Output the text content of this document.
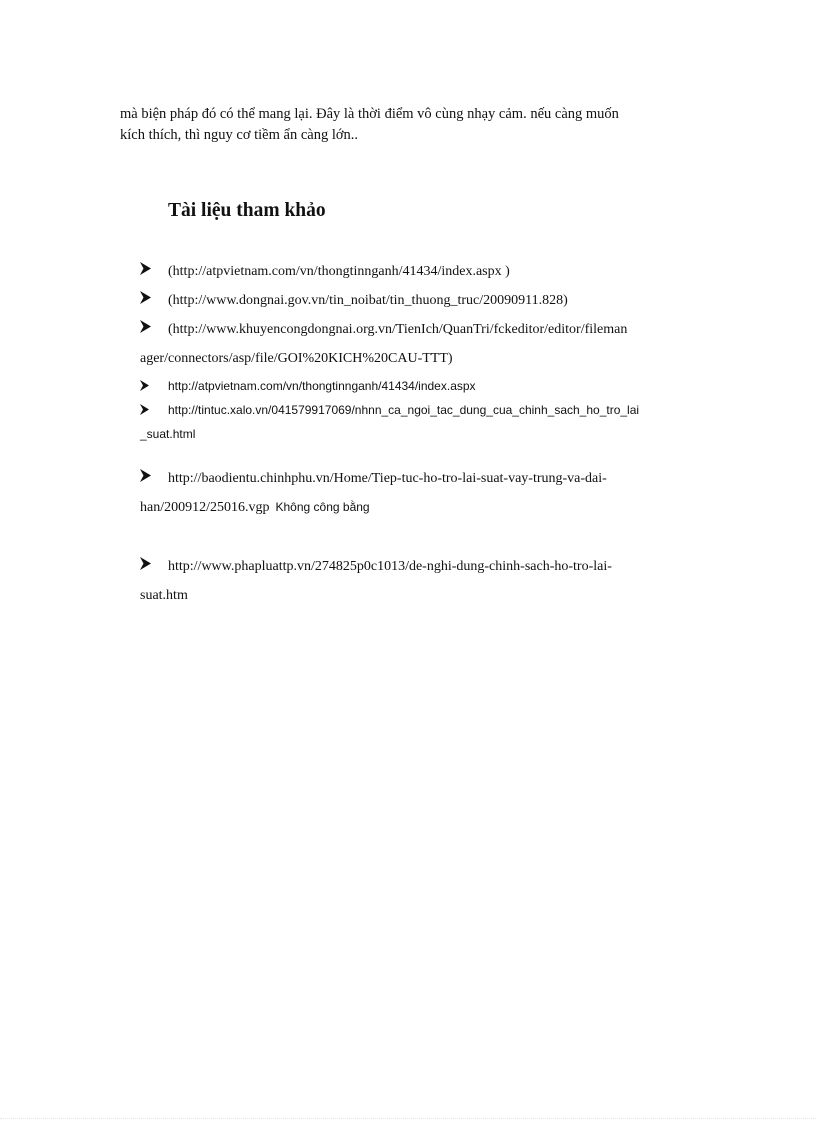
mà biện pháp đó có thể mang lại. Đây là thời điểm vô cùng nhạy cảm. nếu càng muốn
kích thích, thì nguy cơ tiềm ẩn càng lớn..

Tài liệu tham khảo
(http://atpvietnam.com/vn/thongtinnganh/41434/index.aspx )
(http://www.dongnai.gov.vn/tin_noibat/tin_thuong_truc/20090911.828)
(http://www.khuyencongdongnai.org.vn/TienIch/QuanTri/fckeditor/editor/fileman
ager/connectors/asp/file/GOI%20KICH%20CAU-TTT)
http://atpvietnam.com/vn/thongtinnganh/41434/index.aspx
http://tintuc.xalo.vn/041579917069/nhnn_ca_ngoi_tac_dung_cua_chinh_sach_ho_tro_lai
_suat.html
http://baodientu.chinhphu.vn/Home/Tiep-tuc-ho-tro-lai-suat-vay-trung-va-dai-
han/200912/25016.vgp Không công bằng
http://www.phapluattp.vn/274825p0c1013/de-nghi-dung-chinh-sach-ho-tro-lai-
suat.htm
